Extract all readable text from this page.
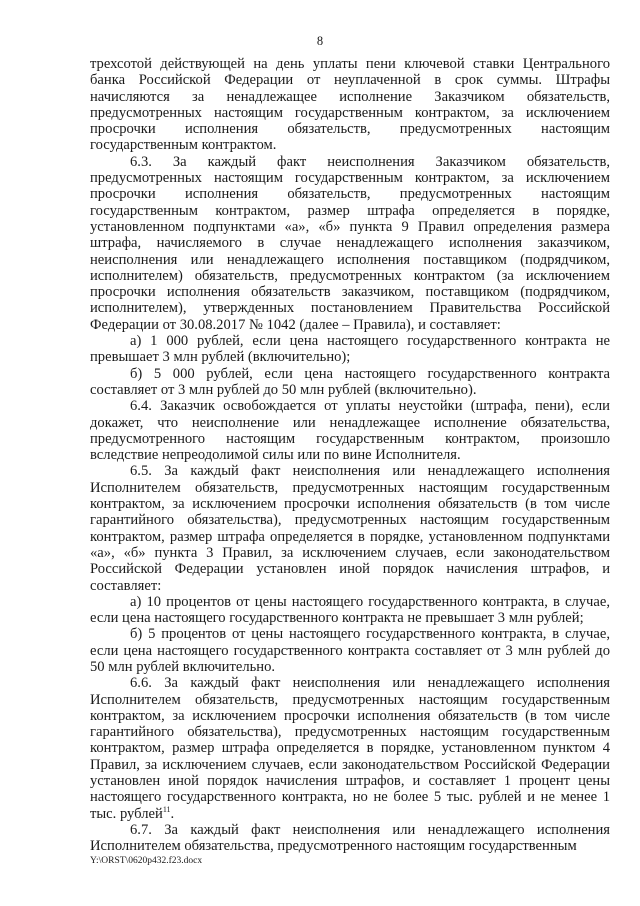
8

трехсотой действующей на день уплаты пени ключевой ставки Центрального банка Российской Федерации от неуплаченной в срок суммы. Штрафы начисляются за ненадлежащее исполнение Заказчиком обязательств, предусмотренных настоящим государственным контрактом, за исключением просрочки исполнения обязательств, предусмотренных настоящим государственным контрактом.

6.3. За каждый факт неисполнения Заказчиком обязательств, предусмотренных настоящим государственным контрактом, за исключением просрочки исполнения обязательств, предусмотренных настоящим государственным контрактом, размер штрафа определяется в порядке, установленном подпунктами «а», «б» пункта 9 Правил определения размера штрафа, начисляемого в случае ненадлежащего исполнения заказчиком, неисполнения или ненадлежащего исполнения поставщиком (подрядчиком, исполнителем) обязательств, предусмотренных контрактом (за исключением просрочки исполнения обязательств заказчиком, поставщиком (подрядчиком, исполнителем), утвержденных постановлением Правительства Российской Федерации от 30.08.2017 № 1042 (далее – Правила), и составляет:

а) 1 000 рублей, если цена настоящего государственного контракта не превышает 3 млн рублей (включительно);

б) 5 000 рублей, если цена настоящего государственного контракта составляет от 3 млн рублей до 50 млн рублей (включительно).

6.4. Заказчик освобождается от уплаты неустойки (штрафа, пени), если докажет, что неисполнение или ненадлежащее исполнение обязательства, предусмотренного настоящим государственным контрактом, произошло вследствие непреодолимой силы или по вине Исполнителя.

6.5. За каждый факт неисполнения или ненадлежащего исполнения Исполнителем обязательств, предусмотренных настоящим государственным контрактом, за исключением просрочки исполнения обязательств (в том числе гарантийного обязательства), предусмотренных настоящим государственным контрактом, размер штрафа определяется в порядке, установленном подпунктами «а», «б» пункта 3 Правил, за исключением случаев, если законодательством Российской Федерации установлен иной порядок начисления штрафов, и составляет:

а) 10 процентов от цены настоящего государственного контракта, в случае, если цена настоящего государственного контракта не превышает 3 млн рублей;

б) 5 процентов от цены настоящего государственного контракта, в случае, если цена настоящего государственного контракта составляет от 3 млн рублей до 50 млн рублей включительно.

6.6. За каждый факт неисполнения или ненадлежащего исполнения Исполнителем обязательств, предусмотренных настоящим государственным контрактом, за исключением просрочки исполнения обязательств (в том числе гарантийного обязательства), предусмотренных настоящим государственным контрактом, размер штрафа определяется в порядке, установленном пунктом 4 Правил, за исключением случаев, если законодательством Российской Федерации установлен иной порядок начисления штрафов, и составляет 1 процент цены настоящего государственного контракта, но не более 5 тыс. рублей и не менее 1 тыс. рублей$^{11}$.

6.7. За каждый факт неисполнения или ненадлежащего исполнения Исполнителем обязательства, предусмотренного настоящим государственным

Y:\ORST\0620p432.f23.docx
